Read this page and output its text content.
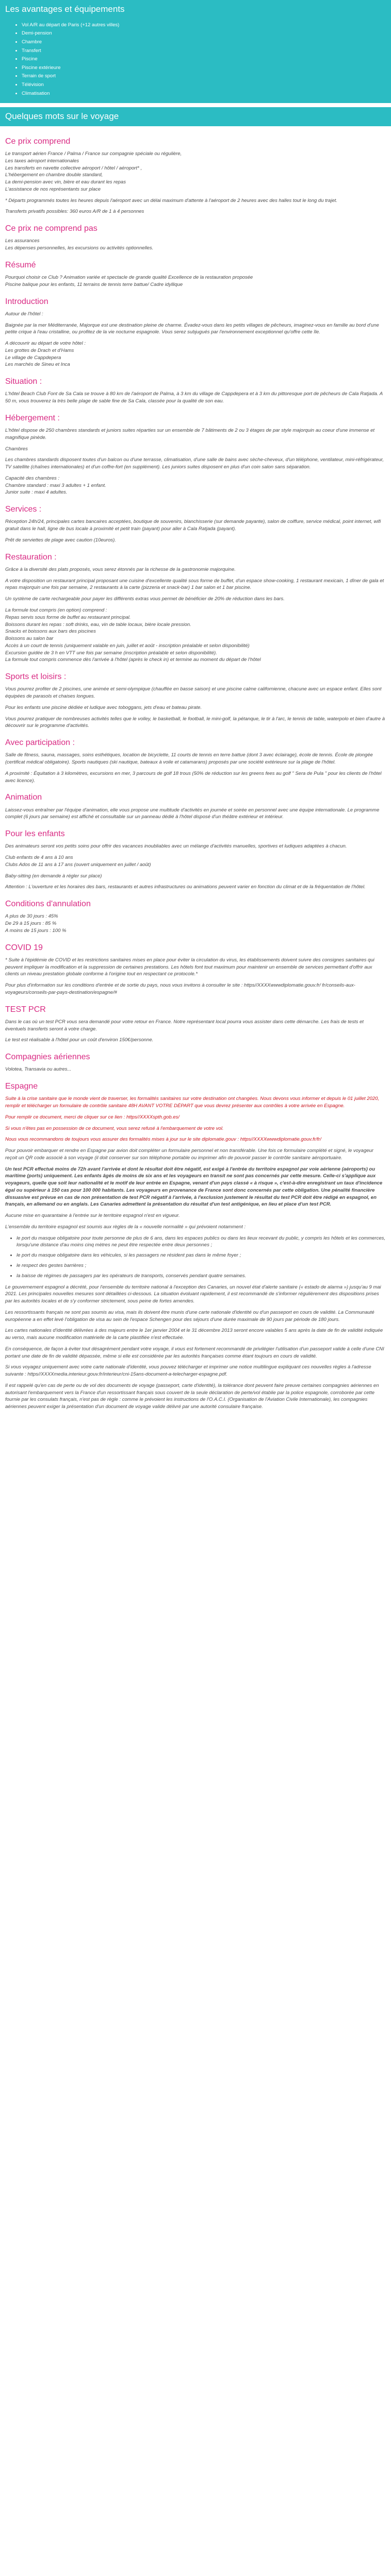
Les avantages et équipements
• Vol A/R au départ de Paris (+12 autres villes)
• Demi-pension
• Chambre
• Transfert
• Piscine
• Piscine extérieure
• Terrain de sport
• Télévision
• Climatisation
Quelques mots sur le voyage
Ce prix comprend

Le transport aérien France / Palma / France sur compagnie spéciale ou régulière,
Les taxes aéroport internationales
Les transferts en navette collective aéroport / hôtel / aéroport* ,
L'hébergement en chambre double standard,
La demi-pension avec vin, bière et eau durant les repas
L'assistance de nos représentants sur place

* Départs programmés toutes les heures depuis l'aéroport avec un délai maximum d'attente à l'aéroport de 2 heures avec des halles tout le long du trajet.

Transferts privatifs possibles: 360 euros A/R de 1 à 4 personnes

Ce prix ne comprend pas

Les assurances
Les dépenses personnelles, les excursions ou activités optionnelles.

Résumé

Pourquoi choisir ce Club ? Animation variée et spectacle de grande qualité Excellence de la restauration proposée
Piscine balique pour les enfants, 11 terrains de tennis terre battue/ Cadre idyllique

Introduction

Autour de l'hôtel :

Baignée par la mer Méditerranée, Majorque est une destination pleine de charme. Évadez-vous dans les petits villages de pêcheurs, imaginez-vous en famille au bord d'une petite crique à l'eau cristalline, ou profitez de la vie nocturne espagnole. Vous serez subjugués par l'environnement exceptionnel qu'offre cette île.

A découvrir au départ de votre hôtel :
Les grottes de Drach et d'Hams
Le village de Cappdepera
Les marchés de Sineu et Inca

Situation :

L'hôtel Beach Club Font de Sa Cala se trouve à 80 km de l'aéroport de Palma, à 3 km du village de Cappdepera et à 3 km du pittoresque port de pêcheurs de Cala Ratjada. A 50 m, vous trouverez la très belle plage de sable fine de Sa Cala, classée pour la qualité de son eau.

Hébergement :

L'hôtel dispose de 250 chambres standards et juniors suites réparties sur un ensemble de 7 bâtiments de 2 ou 3 étages de par style majorquin au coeur d'une immense et magnifique pinède.

Chambres

Les chambres standards disposent toutes d'un balcon ou d'une terrasse, climatisation, d'une salle de bains avec sèche-cheveux, d'un téléphone, ventilateur, mini-réfrigérateur, TV satellite (chaînes internationales) et d'un coffre-fort (en supplément). Les juniors suites disposent en plus d'un coin salon sans séparation.

Capacité des chambres :
Chambre standard : maxi 3 adultes + 1 enfant.
Junior suite : maxi 4 adultes.

Services :

Réception 24h/24, principales cartes bancaires acceptées, boutique de souvenirs, blanchisserie (sur demande payante), salon de coiffure, service médical, point internet, wifi gratuit dans le hall, ligne de bus locale à proximité et petit train (payant) pour aller à Cala Ratjada (payant).

Prêt de serviettes de plage avec caution (10euros).

Restauration :

Grâce à la diversité des plats proposés, vous serez étonnés par la richesse de la gastronomie majorquine.

A votre disposition un restaurant principal proposant une cuisine d'excellente qualité sous forme de buffet, d'un espace show-cooking, 1 restaurant mexicain, 1 dîner de gala et repas majorquin une fois par semaine, 2 restaurants à la carte (pizzeria et snack-bar) 1 bar salon et 1 bar piscine.

Un système de carte rechargeable pour payer les différents extras vous permet de bénéficier de 20% de réduction dans les bars.

La formule tout compris (en option) comprend :
Repas servis sous forme de buffet au restaurant principal.
Boissons durant les repas : soft drinks, eau, vin de table locaux, bière locale pression.
Snacks et boissons aux bars des piscines
Boissons au salon bar
Accès à un court de tennis (uniquement valable en juin, juillet et août - inscription préalable et selon disponibilité)
Excursion guidée de 3 h en VTT une fois par semaine (inscription préalable et selon disponibilité).
La formule tout compris commence dès l'arrivée à l'hôtel (après le check in) et termine au moment du départ de l'hôtel

Sports et loisirs :

Vous pourrez profiter de 2 piscines, une animée et semi-olympique (chauffée en basse saison) et une piscine calme californienne, chacune avec un espace enfant. Elles sont équipées de parasols et chaises longues.

Pour les enfants une piscine dédiée et ludique avec toboggans, jets d'eau et bateau pirate.

Vous pourrez pratiquer de nombreuses activités telles que le volley, le basketball, le football, le mini-golf, la pétanque, le tir à l'arc, le tennis de table, waterpolo et bien d'autre à découvrir sur le programme d'activités.

Avec participation :

Salle de fitness, sauna, massages, soins esthétiques, location de bicyclette, 11 courts de tennis en terre battue (dont 3 avec éclairage), école de tennis. École de plongée (certificat médical obligatoire). Sports nautiques (ski nautique, bateaux à voile et catamarans) proposés par une société extérieure sur la plage de l'hôtel.

A proximité : Équitation à 3 kilomètres, excursions en mer, 3 parcours de golf 18 trous (50% de réduction sur les greens fees au golf " Sera de Pula " pour les clients de l'hôtel avec licence).

Animation

Laissez-vous entraîner par l'équipe d'animation, elle vous propose une multitude d'activités en journée et soirée en personnel avec une équipe internationale. Le programme complet (6 jours par semaine) est affiché et consultable sur un panneau dédié à l'hôtel disposé d'un théâtre extérieur et intérieur.

Pour les enfants

Des animateurs seront vos petits soins pour offrir des vacances inoubliables avec un mélange d'activités manuelles, sportives et ludiques adaptées à chacun.

Club enfants de 4 ans à 10 ans
Clubs Ados de 11 ans à 17 ans (ouvert uniquement en juillet / août)

Baby-sitting (en demande à régler sur place)

Attention : L'ouverture et les horaires des bars, restaurants et autres infrastructures ou animations peuvent varier en fonction du climat et de la fréquentation de l'hôtel.

Conditions d'annulation

A plus de 30 jours : 45%
De 29 à 15 jours : 85 %
A moins de 15 jours : 100 %

COVID 19

* Suite à l'épidémie de COVID et les restrictions sanitaires mises en place pour éviter la circulation du virus, les établissements doivent suivre des consignes sanitaires qui peuvent impliquer la modification et la suppression de certaines prestations. Les hôtels font tout maximum pour maintenir un ensemble de services permettant d'offrir aux clients un niveau prestation globale conforme à l'origine tout en respectant ce protocole.*

Pour plus d'information sur les conditions d'entrée et de sortie du pays, nous vous invitons à consulter le site : https//XXXXwwwdiplomatie.gouv.fr/ fr/conseils-aux-voyageurs/conseils-par-pays-destination/espagne/#

TEST PCR

Dans le cas où un test PCR vous sera demandé pour votre retour en France. Notre représentant local pourra vous assister dans cette démarche. Les frais de tests et éventuels transferts seront à votre charge.

Le test est réalisable à l'hôtel pour un coût d'environ 150€/personne.

Compagnies aériennes

Volotea, Transavia ou autres...

Espagne

Suite à la crise sanitaire que le monde vient de traverser, les formalités sanitaires sur votre destination ont changées. Nous devons vous informer et depuis le 01 juillet 2020, remplir et télécharger un formulaire de contrôle sanitaire 48H AVANT VOTRE DÉPART que vous devrez présenter aux contrôles à votre arrivée en Espagne.

Pour remplir ce document, merci de cliquer sur ce lien : https//XXXXspth.gob.es/

Si vous n'êtes pas en possession de ce document, vous serez refusé à l'embarquement de votre vol.

Nous vous recommandons de toujours vous assurer des formalités mises à jour sur le site diplomatie.gouv : https//XXXXwwwdiplomatie.gouv.fr/fr/

Pour pouvoir embarquer et rendre en Espagne par avion doit compléter un formulaire personnel et non transférable. Une fois ce formulaire complété et signé, le voyageur reçoit un QR code associé à son voyage (il doit conserver sur son téléphone portable ou imprimer afin de pouvoir passer le contrôle sanitaire aéroportuaire.

Un test PCR effectué moins de 72h avant l'arrivée et dont le résultat doit être négatif, est exigé à l'entrée du territoire espagnol par voie aérienne (aéroports) ou maritime (ports) uniquement. Les enfants âgés de moins de six ans et les voyageurs en transit ne sont pas concernés par cette mesure. Celle-ci s'applique aux voyageurs, quelle que soit leur nationalité et le motif de leur entrée en Espagne, venant d'un pays classé « à risque », c'est-à-dire enregistrant un taux d'incidence égal ou supérieur à 150 cas pour 100 000 habitants. Les voyageurs en provenance de France sont donc concernés par cette obligation. Une pénalité financière dissuasive est prévue en cas de non présentation de test PCR négatif à l'arrivée, à l'exclusion justement le résultat du test PCR doit être rédigé en espagnol, en français, en allemand ou en anglais. Les Canaries admettent la présentation du résultat d'un test antigénique, en lieu et place d'un test PCR.

Aucune mise en quarantaine à l'entrée sur le territoire espagnol n'est en vigueur.

L'ensemble du territoire espagnol est soumis aux règles de la « nouvelle normalité » qui prévoient notamment :

• le port du masque obligatoire pour toute personne de plus de 6 ans, dans les espaces publics ou dans les lieux recevant du public, y compris les hôtels et les commerces, lorsqu'une distance d'au moins cinq mètres ne peut être respectée entre deux personnes ;
• le port du masque obligatoire dans les véhicules, si les passagers ne résident pas dans le même foyer ;
• le respect des gestes barrières ;
• la baisse de régimes de passagers par les opérateurs de transports, conservés pendant quatre semaines.

Le gouvernement espagnol a décrété, pour l'ensemble du territoire national à l'exception des Canaries, un nouvel état d'alerte sanitaire (« estado de alarma ») jusqu'au 9 mai 2021. Les principales nouvelles mesures sont détaillées ci-dessous. La situation évoluant rapidement, il est recommandé de s'informer régulièrement des dispositions prises par les autorités locales et de s'y conformer strictement, sous peine de fortes amendes.

Les ressortissants français ne sont pas soumis au visa, mais ils doivent être munis d'une carte nationale d'identité ou d'un passeport en cours de validité. La Communauté européenne a en effet levé l'obligation de visa au sein de l'espace Schengen pour des séjours d'une durée maximale de 90 jours par période de 180 jours.

Les cartes nationales d'identité délivrées à des majeurs entre le 1er janvier 2004 et le 31 décembre 2013 seront encore valables 5 ans après la date de fin de validité indiquée au verso, mais aucune modification matérielle de la carte plastifiée n'est effectuée.

En conséquence, de façon à éviter tout désagrément pendant votre voyage, il vous est fortement recommandé de privilégier l'utilisation d'un passeport valide à celle d'une CNI portant une date de fin de validité dépassée, même si elle est considérée par les autorités françaises comme étant toujours en cours de validité.

Si vous voyagez uniquement avec votre carte nationale d'identité, vous pouvez télécharger et imprimer une notice multilingue expliquant ces nouvelles règles à l'adresse suivante : https//XXXXmedia.interieur.gouv.fr/interieur/cni-15ans-document-a-telecharger-espagne.pdf.

Il est rappelé qu'en cas de perte ou de vol des documents de voyage (passeport, carte d'identité), la tolérance dont peuvent faire preuve certaines compagnies aériennes en autorisant l'embarquement vers la France d'un ressortissant français sous couvert de la seule déclaration de perte/vol établie par la police espagnole, corroborée par cette fournie par les consulats français, n'est pas de règle : comme le prévoient les instructions de l'O.A.C.I. (Organisation de l'Aviation Civile Internationale), les compagnies aériennes peuvent exiger la présentation d'un document de voyage valide délivré par une autorité consulaire française.
